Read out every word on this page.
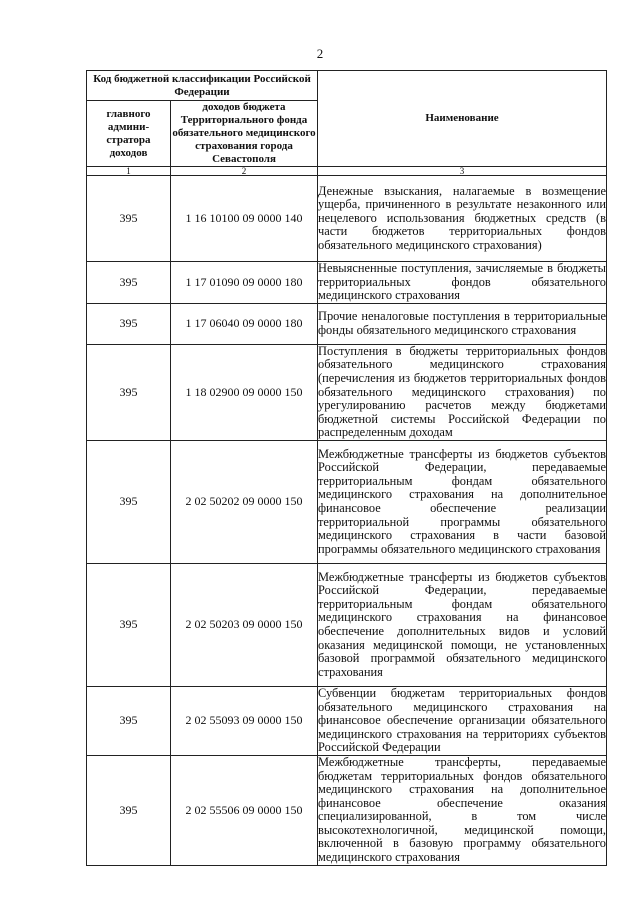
2
Код бюджетной классификации Российской Федерации		Наименование
главного админи-стратора доходов	доходов бюджета Территориального фонда обязательного медицинского страхования города Севастополя	
1	2	3
395	1 16 10100 09 0000 140	Денежные взыскания, налагаемые в возмещение ущерба, причиненного в результате незаконного или нецелевого использования бюджетных средств (в части бюджетов территориальных фондов обязательного медицинского страхования)
395	1 17 01090 09 0000 180	Невыясненные поступления, зачисляемые в бюджеты территориальных фондов обязательного медицинского страхования
395	1 17 06040 09 0000 180	Прочие неналоговые поступления в территориальные фонды обязательного медицинского страхования
395	1 18 02900 09 0000 150	Поступления в бюджеты территориальных фондов обязательного медицинского страхования (перечисления из бюджетов территориальных фондов обязательного медицинского страхования) по урегулированию расчетов между бюджетами бюджетной системы Российской Федерации по распределенным доходам
395	2 02 50202 09 0000 150	Межбюджетные трансферты из бюджетов субъектов Российской Федерации, передаваемые территориальным фондам обязательного медицинского страхования на дополнительное финансовое обеспечение реализации территориальной программы обязательного медицинского страхования в части базовой программы обязательного медицинского страхования
395	2 02 50203 09 0000 150	Межбюджетные трансферты из бюджетов субъектов Российской Федерации, передаваемые территориальным фондам обязательного медицинского страхования на финансовое обеспечение дополнительных видов и условий оказания медицинской помощи, не установленных базовой программой обязательного медицинского страхования
395	2 02 55093 09 0000 150	Субвенции бюджетам территориальных фондов обязательного медицинского страхования на финансовое обеспечение организации обязательного медицинского страхования на территориях субъектов Российской Федерации
395	2 02 55506 09 0000 150	Межбюджетные трансферты, передаваемые бюджетам территориальных фондов обязательного медицинского страхования на дополнительное финансовое обеспечение оказания специализированной, в том числе высокотехнологичной, медицинской помощи, включенной в базовую программу обязательного медицинского страхования
